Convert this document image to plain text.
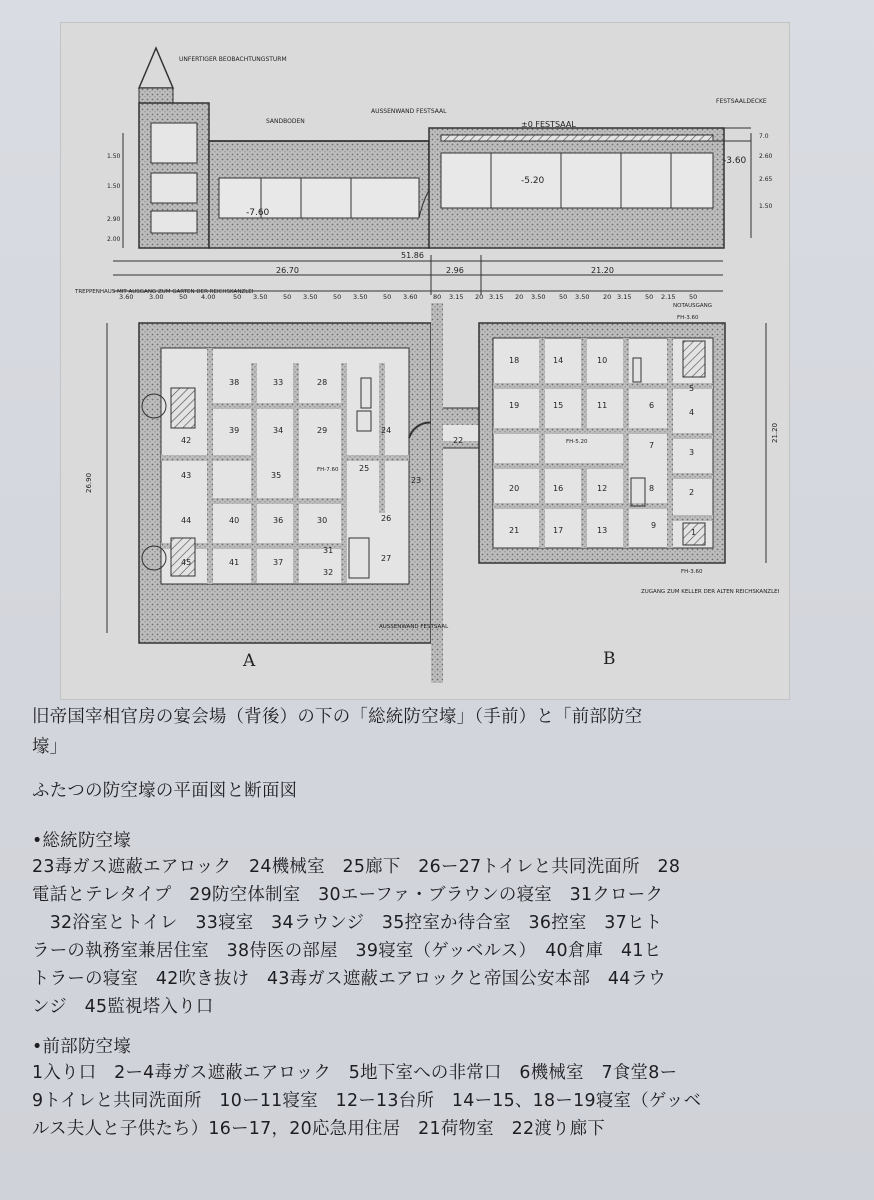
UNFERTIGER BEOBACHTUNGSTURM
SANDBODEN
AUSSENWAND FESTSAAL
±0 FESTSAAL
FESTSAALDECKE
-7.60
-5.20
-3.60
7.0
2.60
2.65
1.50
2.00
2.90
1.50
1.50
51.86
26.70	2.96	21.20
3.60 3.00 50 4.00	50 3.50 50 3.50 50 3.50 50 3.60 80 3.15 20 3.15 20 3.50 50 3.50 20 3.15 50 2.15 50
TREPPENHAUS MIT AUSGANG ZUM GARTEN DER REICHSKANZLEI
NOTAUSGANG
FH-3.60
FH-5.20
FH-7.60
FH-3.60
AUSSENWAND FESTSAAL
ZUGANG ZUM KELLER DER ALTEN REICHSKANZLEI
26.90
21.20
38	33	28
39	34	29	24
42
35
25
43
23
44	40	36	30	26
45	41	37	27
31
32
18	14	10
5
19	15	11	6
4
22
7
3
20	16	12	8	2
21	17	13
9
1
A	B
旧帝国宰相官房の宴会場（背後）の下の「総統防空壕」（手前）と「前部防空
壕」
ふたつの防空壕の平面図と断面図
•総統防空壕
23毒ガス遮蔽エアロック　24機械室　25廊下　26ー27トイレと共同洗面所　28
電話とテレタイプ　29防空体制室　30エーファ・ブラウンの寝室　31クローク
　32浴室とトイレ　33寝室　34ラウンジ　35控室か待合室　36控室　37ヒト
ラーの執務室兼居住室　38侍医の部屋　39寝室（ゲッベルス）　40倉庫　41ヒ
トラーの寝室　42吹き抜け　43毒ガス遮蔽エアロックと帝国公安本部　44ラウ
ンジ　45監視塔入り口
•前部防空壕
1入り口　2ー4毒ガス遮蔽エアロック　5地下室への非常口　6機械室　7食堂8ー
9トイレと共同洗面所　10ー11寝室　12ー13台所　14ー15、18ー19寝室（ゲッベ
ルス夫人と子供たち）16ー17，20応急用住居　21荷物室　22渡り廊下
